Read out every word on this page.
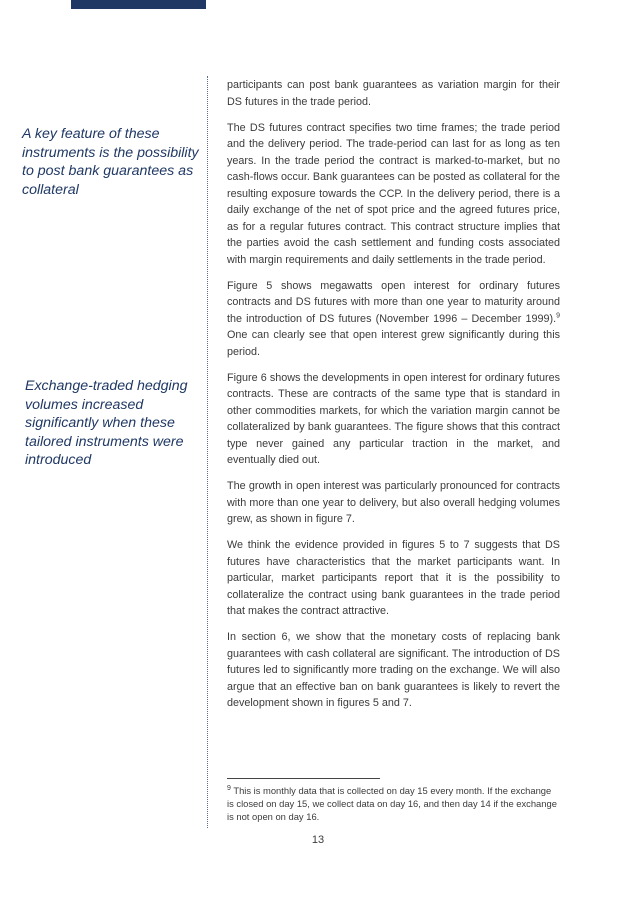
A key feature of these instruments is the possibility to post bank guarantees as collateral

Exchange-traded hedging volumes increased significantly when these tailored instruments were introduced

participants can post bank guarantees as variation margin for their DS futures in the trade period.

The DS futures contract specifies two time frames; the trade period and the delivery period. The trade-period can last for as long as ten years. In the trade period the contract is marked-to-market, but no cash-flows occur. Bank guarantees can be posted as collateral for the resulting exposure towards the CCP. In the delivery period, there is a daily exchange of the net of spot price and the agreed futures price, as for a regular futures contract. This contract structure implies that the parties avoid the cash settlement and funding costs associated with margin requirements and daily settlements in the trade period.

Figure 5 shows megawatts open interest for ordinary futures contracts and DS futures with more than one year to maturity around the introduction of DS futures (November 1996 – December 1999).$^9$ One can clearly see that open interest grew significantly during this period.

Figure 6 shows the developments in open interest for ordinary futures contracts. These are contracts of the same type that is standard in other commodities markets, for which the variation margin cannot be collateralized by bank guarantees. The figure shows that this contract type never gained any particular traction in the market, and eventually died out.

The growth in open interest was particularly pronounced for contracts with more than one year to delivery, but also overall hedging volumes grew, as shown in figure 7.

We think the evidence provided in figures 5 to 7 suggests that DS futures have characteristics that the market participants want. In particular, market participants report that it is the possibility to collateralize the contract using bank guarantees in the trade period that makes the contract attractive.

In section 6, we show that the monetary costs of replacing bank guarantees with cash collateral are significant. The introduction of DS futures led to significantly more trading on the exchange. We will also argue that an effective ban on bank guarantees is likely to revert the development shown in figures 5 and 7.

$^9$ This is monthly data that is collected on day 15 every month. If the exchange is closed on day 15, we collect data on day 16, and then day 14 if the exchange is not open on day 16.

13
